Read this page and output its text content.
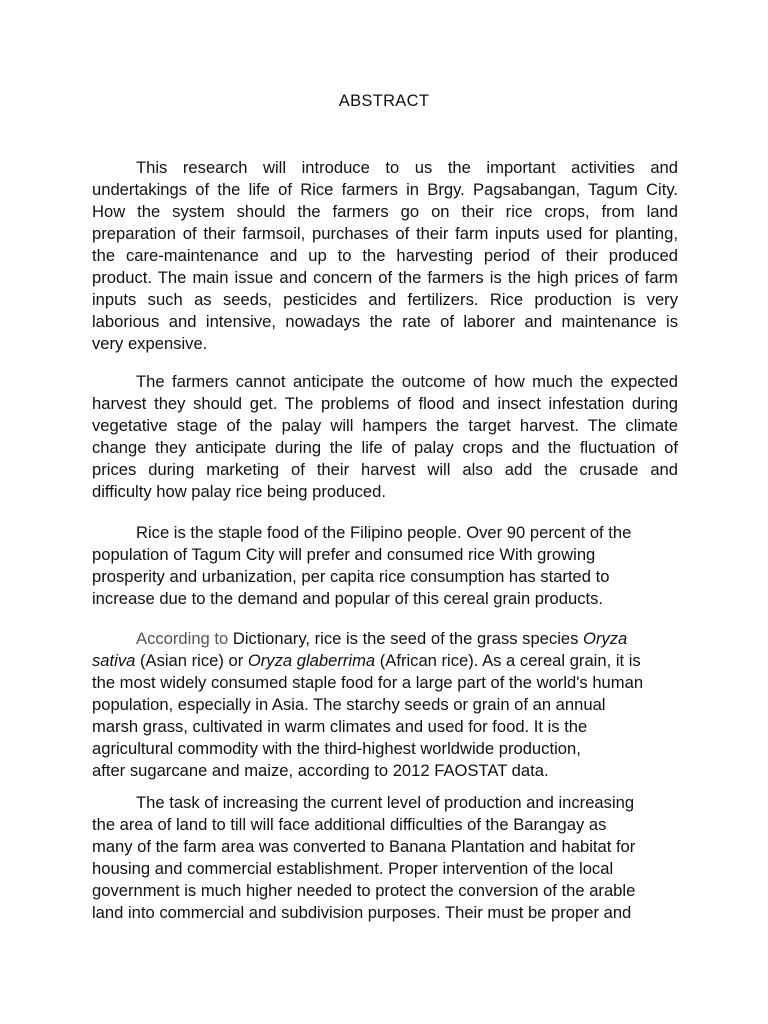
ABSTRACT

This research will introduce to us the important activities and
undertakings of the life of Rice farmers in Brgy. Pagsabangan, Tagum City.
How the system should the farmers go on their rice crops, from land
preparation of their farmsoil, purchases of their farm inputs used for planting,
the care-maintenance and up to the harvesting period of their produced
product. The main issue and concern of the farmers is the high prices of farm
inputs such as seeds, pesticides and fertilizers. Rice production is very
laborious and intensive, nowadays the rate of laborer and maintenance is
very expensive.

The farmers cannot anticipate the outcome of how much the expected
harvest they should get. The problems of flood and insect infestation during
vegetative stage of the palay will hampers the target harvest. The climate
change they anticipate during the life of palay crops and the fluctuation of
prices during marketing of their harvest will also add the crusade and
difficulty how palay rice being produced.

Rice is the staple food of the Filipino people. Over 90 percent of the
population of Tagum City will prefer and consumed rice With growing
prosperity and urbanization, per capita rice consumption has started to
increase due to the demand and popular of this cereal grain products.

According to Dictionary, rice is the seed of the grass species Oryza
sativa (Asian rice) or Oryza glaberrima (African rice). As a cereal grain, it is
the most widely consumed staple food for a large part of the world's human
population, especially in Asia. The starchy seeds or grain of an annual
marsh grass, cultivated in warm climates and used for food. It is the
agricultural commodity with the third-highest worldwide production,
after sugarcane and maize, according to 2012 FAOSTAT data.

The task of increasing the current level of production and increasing
the area of land to till will face additional difficulties of the Barangay as
many of the farm area was converted to Banana Plantation and habitat for
housing and commercial establishment. Proper intervention of the local
government is much higher needed to protect the conversion of the arable
land into commercial and subdivision purposes. Their must be proper and
